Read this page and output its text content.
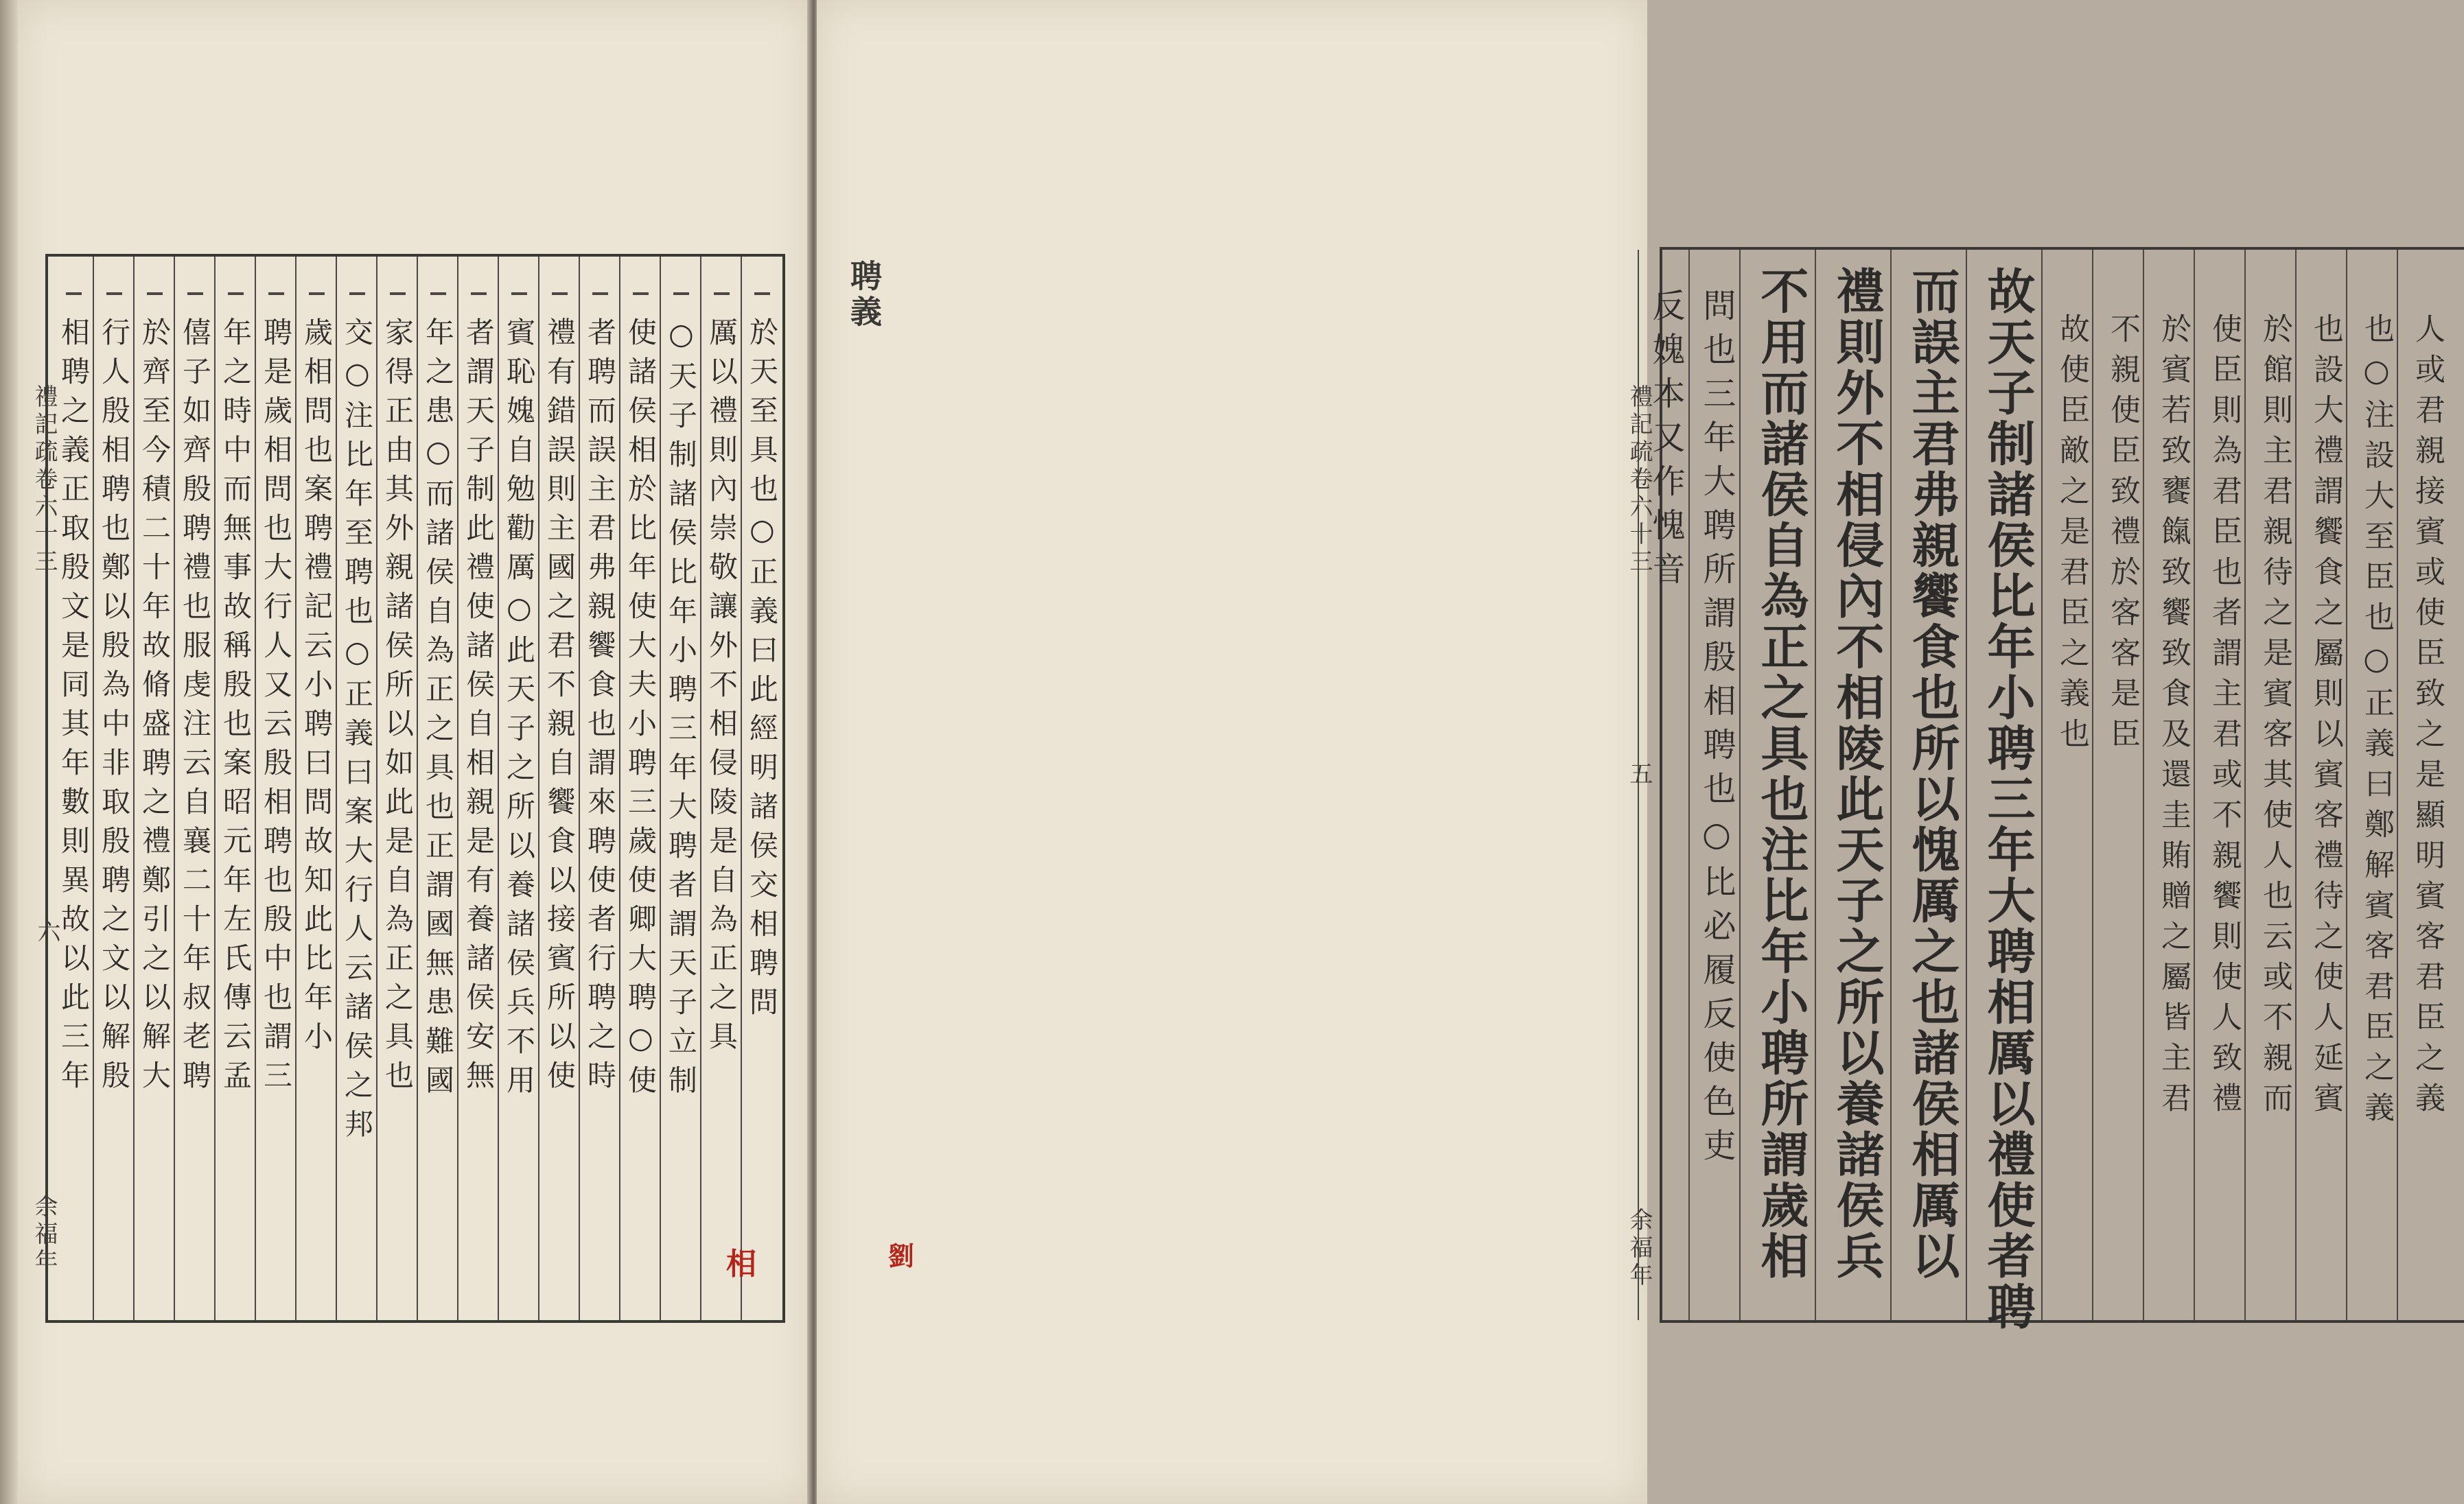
於天至具也○正義曰此經明諸侯交相聘問
厲以禮則內崇敬讓外不相侵陵是自為正之具
○天子制諸侯比年小聘三年大聘者謂天子立制
使諸侯相於比年使大夫小聘三歲使卿大聘○使
者聘而誤主君弗親饗食也謂來聘使者行聘之時
禮有錯誤則主國之君不親自饗食以接賓所以使
賓恥媿自勉勸厲○此天子之所以養諸侯兵不用
者謂天子制此禮使諸侯自相親是有養諸侯安無
年之患○而諸侯自為正之具也正謂國無患難國
家得正由其外親諸侯所以如此是自為正之具也
交○注比年至聘也○正義曰案大行人云諸侯之邦
歲相問也案聘禮記云小聘曰問故知此比年小
聘是歲相問也大行人又云殷相聘也殷中也謂三
年之時中而無事故稱殷也案昭元年左氏傳云孟
僖子如齊殷聘禮也服虔注云自襄二十年叔老聘
於齊至今積二十年故脩盛聘之禮鄭引之以解大
行人殷相聘也鄭以殷為中非取殷聘之文以解殷
相聘之義正取殷文是同其年數則異故以此三年	人或君親接賓或使臣致之是顯明賓客君臣之義
也○注設大至臣也○正義曰鄭解賓客君臣之義
也設大禮謂饗食之屬則以賓客禮待之使人延賓
於館則主君親待之是賓客其使人也云或不親而
使臣則為君臣也者謂主君或不親饗則使人致禮
於賓若致饔餼致饗致食及還圭賄贈之屬皆主君
不親使臣致禮於客客是臣
故使臣敵之是君臣之義也
故天子制諸侯比年小聘三年大聘相厲以禮使者聘
而誤主君弗親饗食也所以愧厲之也諸侯相厲以
禮則外不相侵內不相陵此天子之所以養諸侯兵
不用而諸侯自為正之具也注比年小聘所謂歲相
問也三年大聘所謂殷相聘也○比必履反使色吏
反媿本又作愧音
禮記疏卷六十三
六
余福年
聘義
禮記疏卷六十三
五
余福年
相	劉
